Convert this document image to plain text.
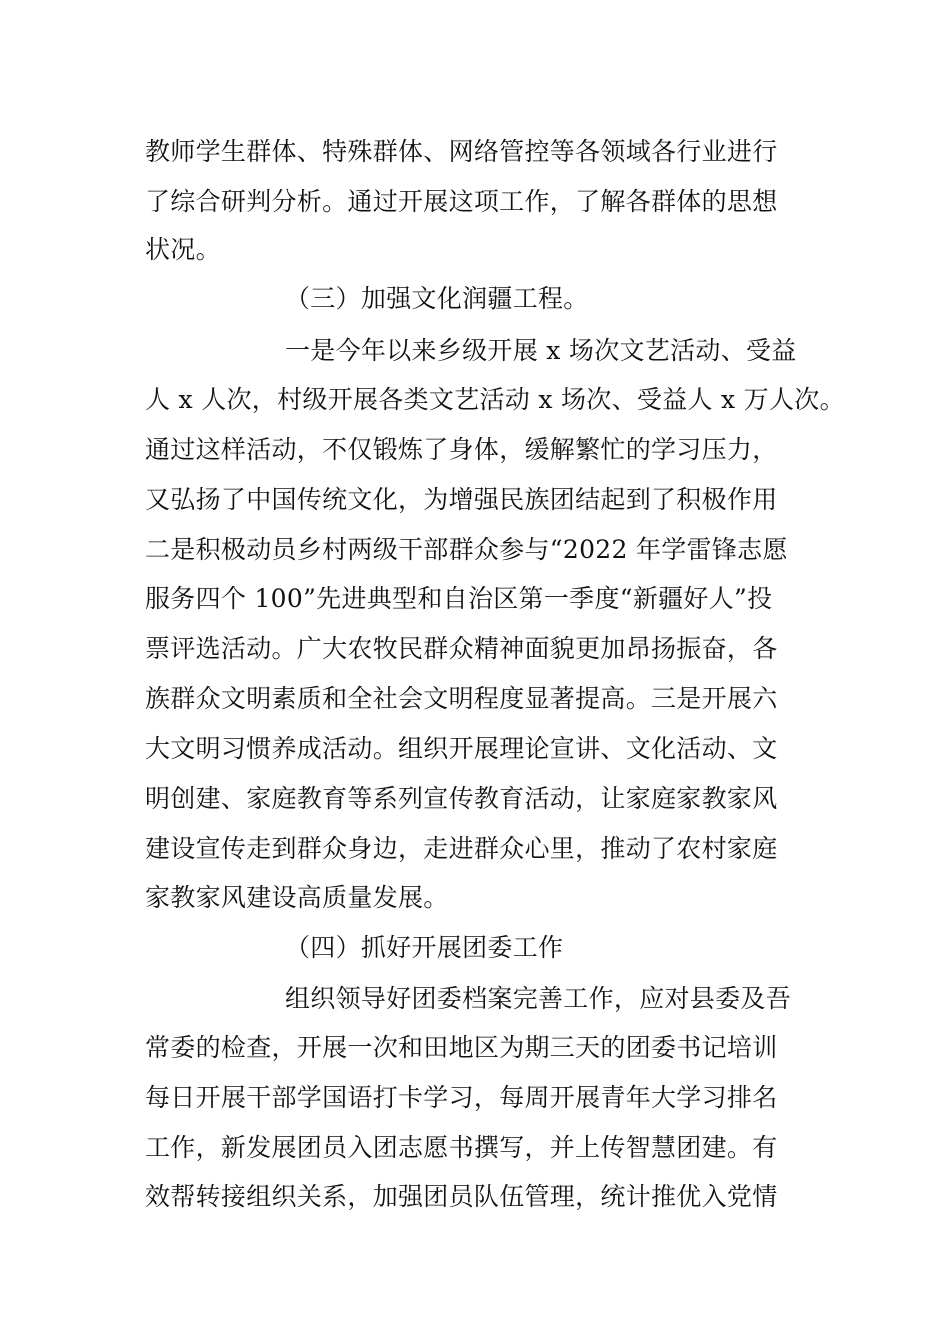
教师学生群体、特殊群体、网络管控等各领域各行业进行
了综合研判分析。通过开展这项工作，了解各群体的思想
状况。
（三）加强文化润疆工程。
一是今年以来乡级开展 x 场次文艺活动、受益
人 x 人次，村级开展各类文艺活动 x 场次、受益人 x 万人次。
通过这样活动，不仅锻炼了身体，缓解繁忙的学习压力，
又弘扬了中国传统文化，为增强民族团结起到了积极作用
二是积极动员乡村两级干部群众参与“2022 年学雷锋志愿
服务四个 100”先进典型和自治区第一季度“新疆好人”投
票评选活动。广大农牧民群众精神面貌更加昂扬振奋，各
族群众文明素质和全社会文明程度显著提高。三是开展六
大文明习惯养成活动。组织开展理论宣讲、文化活动、文
明创建、家庭教育等系列宣传教育活动，让家庭家教家风
建设宣传走到群众身边，走进群众心里，推动了农村家庭
家教家风建设高质量发展。
（四）抓好开展团委工作
组织领导好团委档案完善工作，应对县委及吾
常委的检查，开展一次和田地区为期三天的团委书记培训
每日开展干部学国语打卡学习，每周开展青年大学习排名
工作，新发展团员入团志愿书撰写，并上传智慧团建。有
效帮转接组织关系，加强团员队伍管理，统计推优入党情
